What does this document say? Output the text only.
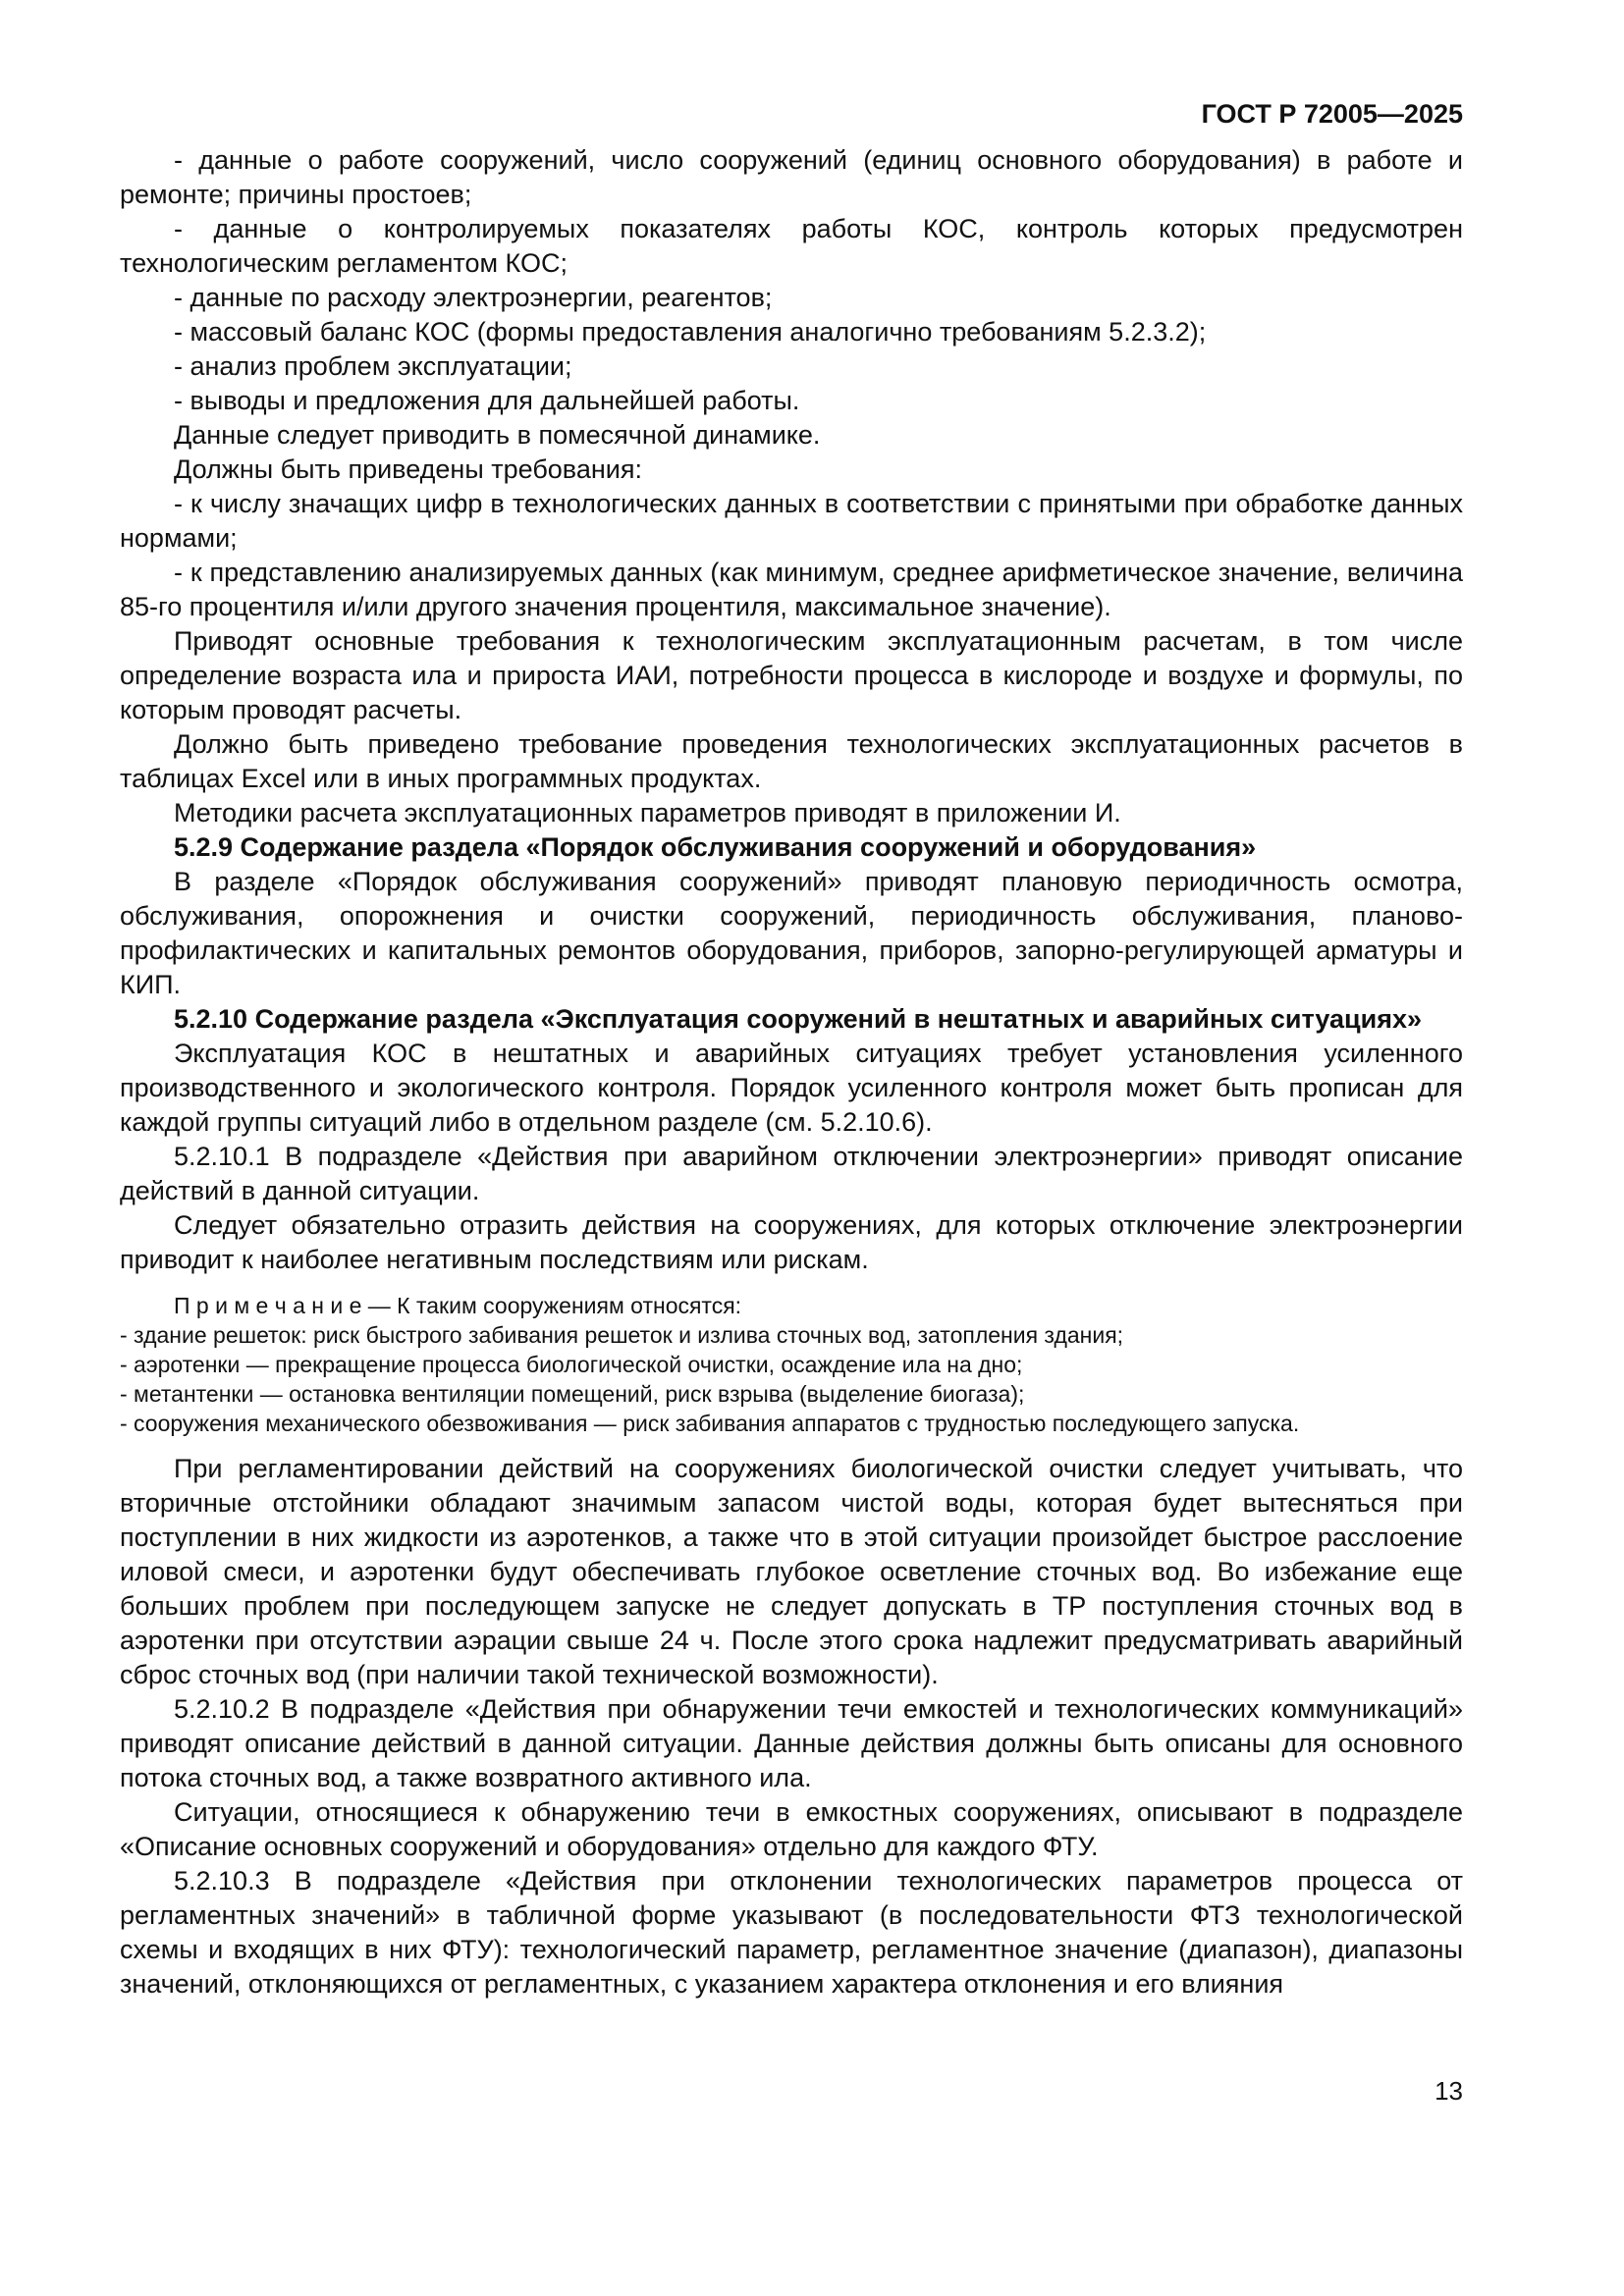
ГОСТ Р 72005—2025

- данные о работе сооружений, число сооружений (единиц основного оборудования) в работе и ремонте; причины простоев;

- данные о контролируемых показателях работы КОС, контроль которых предусмотрен технологическим регламентом КОС;

- данные по расходу электроэнергии, реагентов;

- массовый баланс КОС (формы предоставления аналогично требованиям 5.2.3.2);

- анализ проблем эксплуатации;

- выводы и предложения для дальнейшей работы.

Данные следует приводить в помесячной динамике.

Должны быть приведены требования:

- к числу значащих цифр в технологических данных в соответствии с принятыми при обработке данных нормами;

- к представлению анализируемых данных (как минимум, среднее арифметическое значение, величина 85-го процентиля и/или другого значения процентиля, максимальное значение).

Приводят основные требования к технологическим эксплуатационным расчетам, в том числе определение возраста ила и прироста ИАИ, потребности процесса в кислороде и воздухе и формулы, по которым проводят расчеты.

Должно быть приведено требование проведения технологических эксплуатационных расчетов в таблицах Excel или в иных программных продуктах.

Методики расчета эксплуатационных параметров приводят в приложении И.

5.2.9 Содержание раздела «Порядок обслуживания сооружений и оборудования»

В разделе «Порядок обслуживания сооружений» приводят плановую периодичность осмотра, обслуживания, опорожнения и очистки сооружений, периодичность обслуживания, планово-профилактических и капитальных ремонтов оборудования, приборов, запорно-регулирующей арматуры и КИП.

5.2.10 Содержание раздела «Эксплуатация сооружений в нештатных и аварийных ситуациях»

Эксплуатация КОС в нештатных и аварийных ситуациях требует установления усиленного производственного и экологического контроля. Порядок усиленного контроля может быть прописан для каждой группы ситуаций либо в отдельном разделе (см. 5.2.10.6).

5.2.10.1 В подразделе «Действия при аварийном отключении электроэнергии» приводят описание действий в данной ситуации.

Следует обязательно отразить действия на сооружениях, для которых отключение электроэнергии приводит к наиболее негативным последствиям или рискам.

П р и м е ч а н и е — К таким сооружениям относятся:

- здание решеток: риск быстрого забивания решеток и излива сточных вод, затопления здания;

- аэротенки — прекращение процесса биологической очистки, осаждение ила на дно;

- метантенки — остановка вентиляции помещений, риск взрыва (выделение биогаза);

- сооружения механического обезвоживания — риск забивания аппаратов с трудностью последующего запуска.

При регламентировании действий на сооружениях биологической очистки следует учитывать, что вторичные отстойники обладают значимым запасом чистой воды, которая будет вытесняться при поступлении в них жидкости из аэротенков, а также что в этой ситуации произойдет быстрое расслоение иловой смеси, и аэротенки будут обеспечивать глубокое осветление сточных вод. Во избежание еще больших проблем при последующем запуске не следует допускать в ТР поступления сточных вод в аэротенки при отсутствии аэрации свыше 24 ч. После этого срока надлежит предусматривать аварийный сброс сточных вод (при наличии такой технической возможности).

5.2.10.2 В подразделе «Действия при обнаружении течи емкостей и технологических коммуникаций» приводят описание действий в данной ситуации. Данные действия должны быть описаны для основного потока сточных вод, а также возвратного активного ила.

Ситуации, относящиеся к обнаружению течи в емкостных сооружениях, описывают в подразделе «Описание основных сооружений и оборудования» отдельно для каждого ФТУ.

5.2.10.3 В подразделе «Действия при отклонении технологических параметров процесса от регламентных значений» в табличной форме указывают (в последовательности ФТЗ технологической схемы и входящих в них ФТУ): технологический параметр, регламентное значение (диапазон), диапазоны значений, отклоняющихся от регламентных, с указанием характера отклонения и его влияния

13
